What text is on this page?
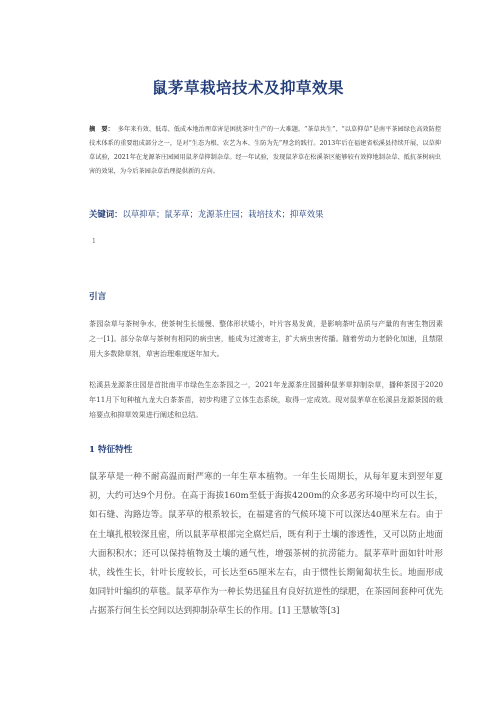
鼠茅草栽培技术及抑草效果
摘　要： 多年来有效、低毒、低成本地治理草害是困扰茶叶生产的一大难题。“茶草共生”、“以草抑草”是南平茶园绿色高效防控技术体系的重要组成部分之一，是对“生态为根、农艺为本、生防为先”理念的践行。2013年后在福建省松溪县持续开展，以草抑草试验，2021年在龙源茶庄园园用鼠茅草抑制杂草。经一年试验，发现鼠茅草在松溪茶区能够较有效抑地制杂草、抵抗茶树病虫害的效果，为今后茶园杂草治理提供新的方向。
关键词：以草抑草；鼠茅草；龙源茶庄园；栽培技术；抑草效果
1
引言
茶园杂草与茶树争水，使茶树生长缓慢、整体形状矮小，叶片容易发黄，是影响茶叶品质与产量的有害生物因素之一[1]。部分杂草与茶树有相同的病虫害，能成为过渡寄主，扩大病虫害传播。随着劳动力老龄化加速，且禁限用大多数除草剂，草害治理难度逐年加大。
松溪县龙源茶庄园是首批南平市绿色生态茶园之一，2021年龙源茶庄园播种鼠茅草抑制杂草，播种茶园于2020年11月下旬种植九龙大白茶茶苗，初步构建了立体生态系统，取得一定成效。现对鼠茅草在松溪县龙源茶园的栽培要点和抑草效果进行阐述和总结。
1 特征特性
鼠茅草是一种不耐高温而耐严寒的一年生草本植物。一年生长周期长，从每年夏末到翌年夏初，大约可达9个月份。在高于海拔160m至低于海拔4200m的众多恶劣环境中均可以生长，如石缝、沟路边等。鼠茅草的根系较长，在福建省的气候环境下可以深达40厘米左右。由于在土壤扎根较深且密，所以鼠茅草根部完全腐烂后，既有利于土壤的渗透性，又可以防止地面大面积积水；还可以保持植物及土壤的通气性，增强茶树的抗涝能力。鼠茅草叶面如针叶形状，线性生长，针叶长度较长，可长达至65厘米左右，由于惯性长期匍匐状生长。地面形成如同针叶编织的草毯。鼠茅草作为一种长势迅猛且有良好抗逆性的绿肥，在茶园间套种可优先占据茶行间生长空间以达到抑制杂草生长的作用。[1] 王慧敏等[3]
